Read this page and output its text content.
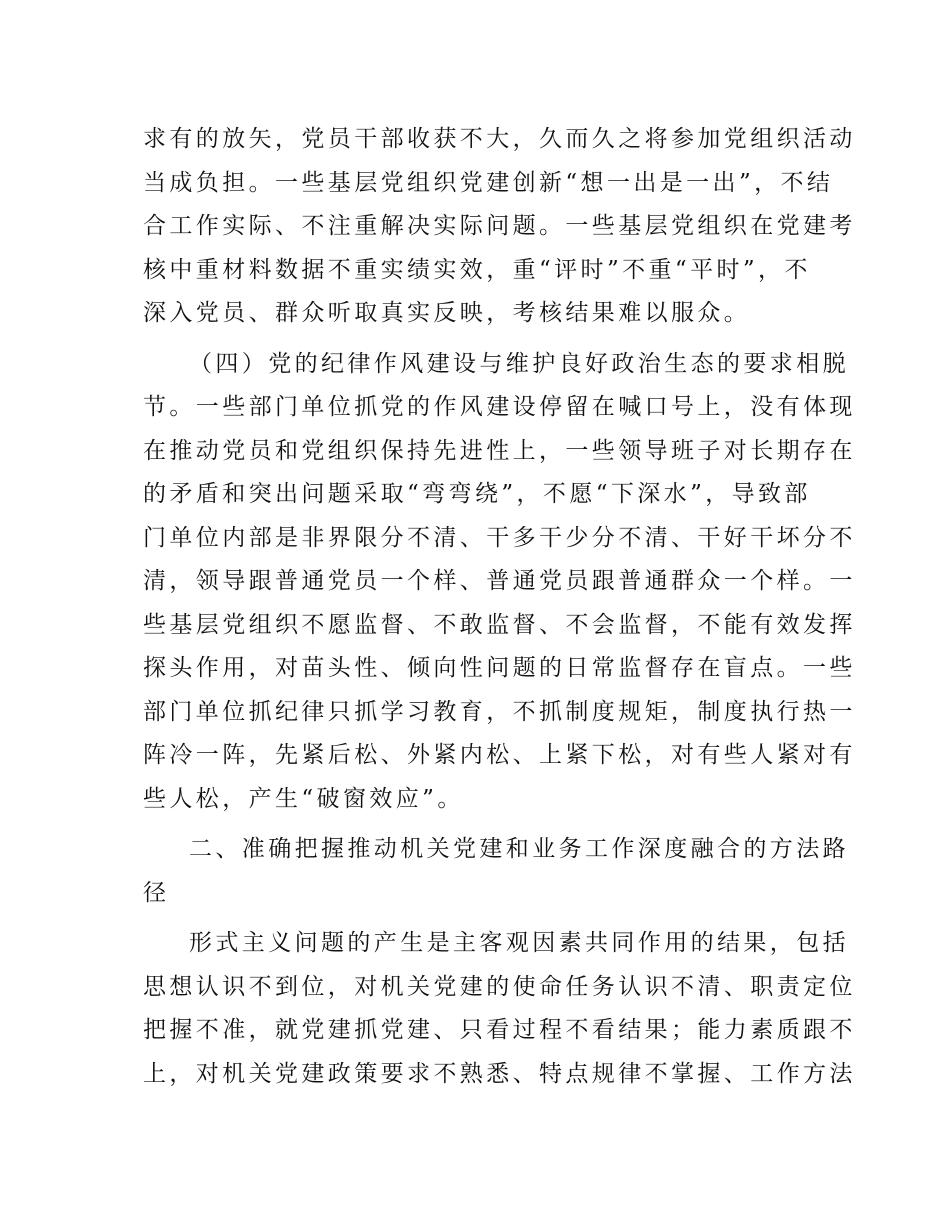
求有的放矢，党员干部收获不大，久而久之将参加党组织活动
当成负担。一些基层党组织党建创新“想一出是一出”，不结
合工作实际、不注重解决实际问题。一些基层党组织在党建考
核中重材料数据不重实绩实效，重“评时”不重“平时”，不
深入党员、群众听取真实反映，考核结果难以服众。
（四）党的纪律作风建设与维护良好政治生态的要求相脱
节。一些部门单位抓党的作风建设停留在喊口号上，没有体现
在推动党员和党组织保持先进性上，一些领导班子对长期存在
的矛盾和突出问题采取“弯弯绕”，不愿“下深水”，导致部
门单位内部是非界限分不清、干多干少分不清、干好干坏分不
清，领导跟普通党员一个样、普通党员跟普通群众一个样。一
些基层党组织不愿监督、不敢监督、不会监督，不能有效发挥
探头作用，对苗头性、倾向性问题的日常监督存在盲点。一些
部门单位抓纪律只抓学习教育，不抓制度规矩，制度执行热一
阵冷一阵，先紧后松、外紧内松、上紧下松，对有些人紧对有
些人松，产生“破窗效应”。
二、准确把握推动机关党建和业务工作深度融合的方法路
径
形式主义问题的产生是主客观因素共同作用的结果，包括
思想认识不到位，对机关党建的使命任务认识不清、职责定位
把握不准，就党建抓党建、只看过程不看结果；能力素质跟不
上，对机关党建政策要求不熟悉、特点规律不掌握、工作方法
